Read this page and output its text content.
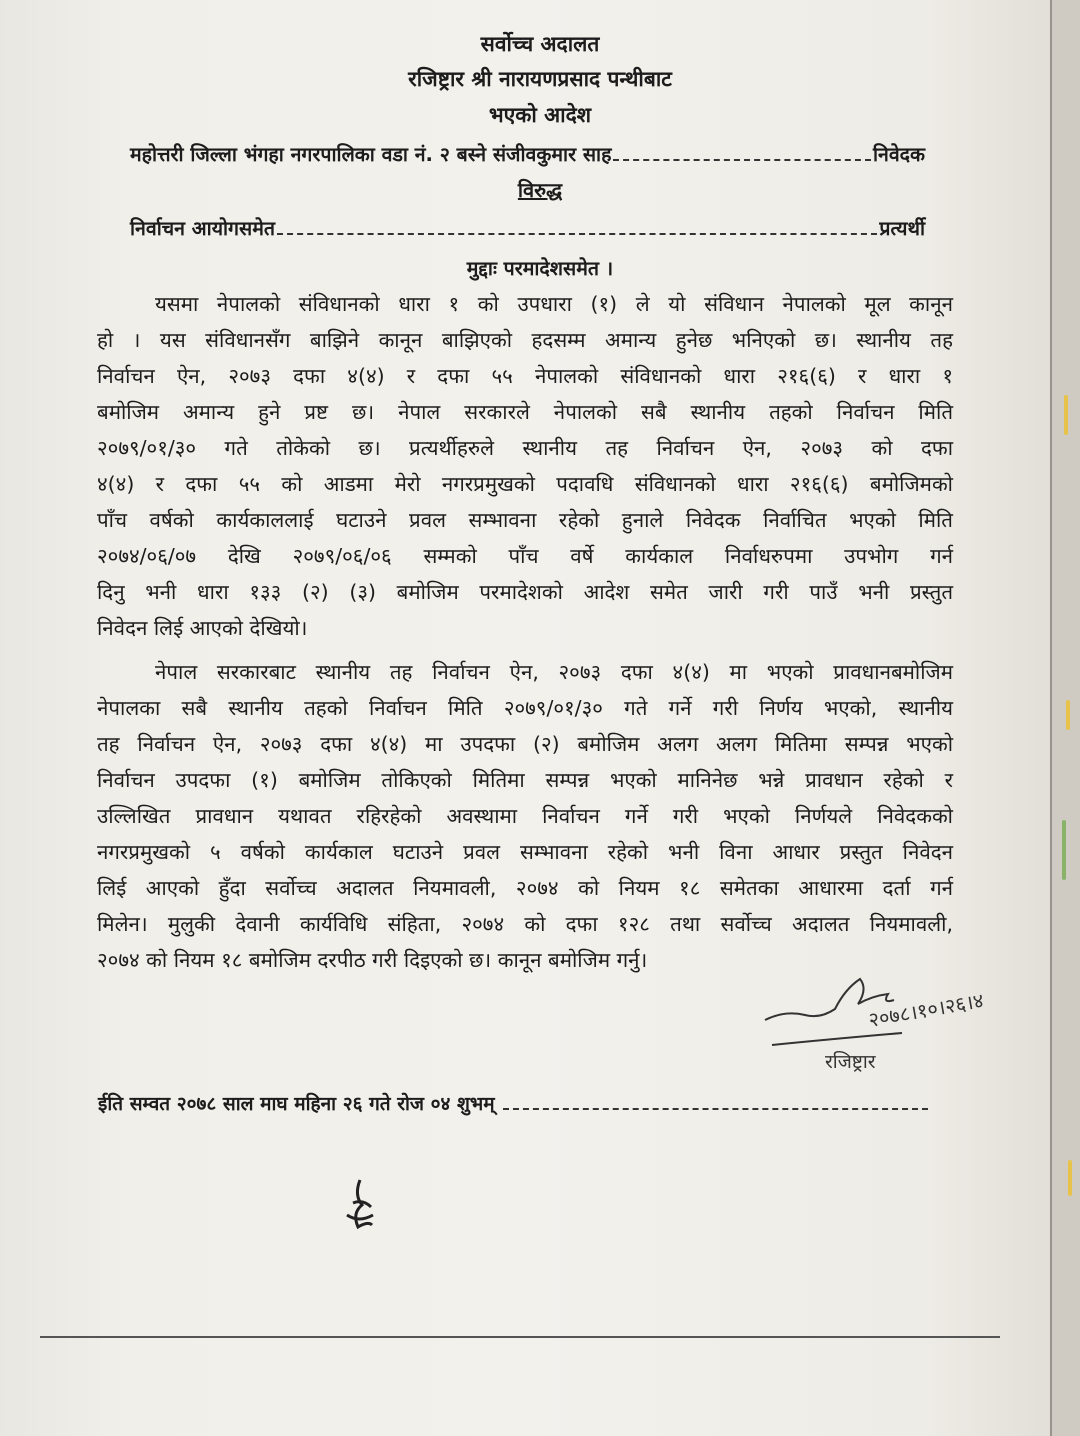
सर्वोच्च अदालत
रजिष्ट्रार श्री नारायणप्रसाद पन्थीबाट
भएको आदेश
महोत्तरी जिल्ला भंगहा नगरपालिका वडा नं. २ बस्ने संजीवकुमार साह	निवेदक
विरुद्ध
निर्वाचन आयोगसमेत	प्रत्यर्थी
मुद्दाः परमादेशसमेत ।
यसमा नेपालको संविधानको धारा १ को उपधारा (१) ले यो संविधान नेपालको मूल कानून
हो । यस संविधानसँग बाझिने कानून बाझिएको हदसम्म अमान्य हुनेछ भनिएको छ। स्थानीय तह
निर्वाचन ऐन, २०७३ दफा ४(४) र दफा ५५ नेपालको संविधानको धारा २१६(६) र धारा १
बमोजिम अमान्य हुने प्रष्ट छ। नेपाल सरकारले नेपालको सबै स्थानीय तहको निर्वाचन मिति
२०७९/०१/३० गते तोकेको छ। प्रत्यर्थीहरुले स्थानीय तह निर्वाचन ऐन, २०७३ को दफा
४(४) र दफा ५५ को आडमा मेरो नगरप्रमुखको पदावधि संविधानको धारा २१६(६) बमोजिमको
पाँच वर्षको कार्यकाललाई घटाउने प्रवल सम्भावना रहेको हुनाले निवेदक निर्वाचित भएको मिति
२०७४/०६/०७ देखि २०७९/०६/०६ सम्मको पाँच वर्षे कार्यकाल निर्वाधरुपमा उपभोग गर्न
दिनु भनी धारा १३३ (२) (३) बमोजिम परमादेशको आदेश समेत जारी गरी पाउँ भनी प्रस्तुत
निवेदन लिई आएको देखियो।
नेपाल सरकारबाट स्थानीय तह निर्वाचन ऐन, २०७३ दफा ४(४) मा भएको प्रावधानबमोजिम
नेपालका सबै स्थानीय तहको निर्वाचन मिति २०७९/०१/३० गते गर्ने गरी निर्णय भएको, स्थानीय
तह निर्वाचन ऐन, २०७३ दफा ४(४) मा उपदफा (२) बमोजिम अलग अलग मितिमा सम्पन्न भएको
निर्वाचन उपदफा (१) बमोजिम तोकिएको मितिमा सम्पन्न भएको मानिनेछ भन्ने प्रावधान रहेको र
उल्लिखित प्रावधान यथावत रहिरहेको अवस्थामा निर्वाचन गर्ने गरी भएको निर्णयले निवेदकको
नगरप्रमुखको ५ वर्षको कार्यकाल घटाउने प्रवल सम्भावना रहेको भनी विना आधार प्रस्तुत निवेदन
लिई आएको हुँदा सर्वोच्च अदालत नियमावली, २०७४ को नियम १८ समेतका आधारमा दर्ता गर्न
मिलेन। मुलुकी देवानी कार्यविधि संहिता, २०७४ को दफा १२८ तथा सर्वोच्च अदालत नियमावली,
२०७४ को नियम १८ बमोजिम दरपीठ गरी दिइएको छ। कानून बमोजिम गर्नु।
२०७८।१०।२६।४
रजिष्ट्रार
ईति सम्वत २०७८ साल माघ महिना २६ गते रोज ०४ शुभम्
